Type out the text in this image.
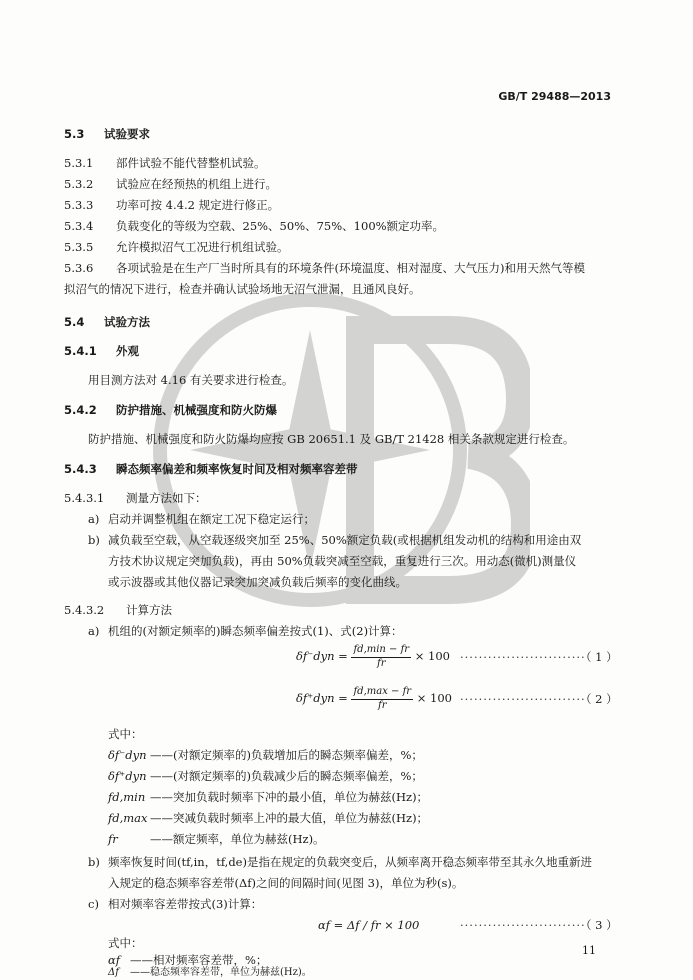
GB/T 29488—2013
5.3 试验要求
5.3.1 部件试验不能代替整机试验。
5.3.2 试验应在经预热的机组上进行。
5.3.3 功率可按 4.4.2 规定进行修正。
5.3.4 负载变化的等级为空载、25%、50%、75%、100%额定功率。
5.3.5 允许模拟沼气工况进行机组试验。
5.3.6 各项试验是在生产厂当时所具有的环境条件(环境温度、相对湿度、大气压力)和用天然气等模
拟沼气的情况下进行，检查并确认试验场地无沼气泄漏，且通风良好。
5.4 试验方法
5.4.1 外观
用目测方法对 4.16 有关要求进行检查。
5.4.2 防护措施、机械强度和防火防爆
防护措施、机械强度和防火防爆均应按 GB 20651.1 及 GB/T 21428 相关条款规定进行检查。
5.4.3 瞬态频率偏差和频率恢复时间及相对频率容差带
5.4.3.1 测量方法如下：
a) 启动并调整机组在额定工况下稳定运行；
b) 减负载至空载，从空载逐级突加至 25%、50%额定负载(或根据机组发动机的结构和用途由双
方技术协议规定突加负载)，再由 50%负载突减至空载，重复进行三次。用动态(微机)测量仪
或示波器或其他仪器记录突加突减负载后频率的变化曲线。
5.4.3.2 计算方法
a) 机组的(对额定频率的)瞬态频率偏差按式(1)、式(2)计算：
$\delta f^-dyn = \frac{fd,\min - fr}{fr} \times 100$ ···························
（ 1 ）
$\delta f^+dyn = \frac{fd,\max - fr}{fr} \times 100$ ···························
（ 2 ）
式中：
δf⁻dyn ——(对额定频率的)负载增加后的瞬态频率偏差，%；
δf⁺dyn ——(对额定频率的)负载减少后的瞬态频率偏差，%；
fd,min ——突加负载时频率下冲的最小值，单位为赫兹(Hz)；
fd,max ——突减负载时频率上冲的最大值，单位为赫兹(Hz)；
fr	——额定频率，单位为赫兹(Hz)。
b) 频率恢复时间(tf,in，tf,de)是指在规定的负载突变后，从频率离开稳态频率带至其永久地重新进
入规定的稳态频率容差带(Δf)之间的间隔时间(见图 3)，单位为秒(s)。
c) 相对频率容差带按式(3)计算：
αf = Δf / fr × 100	···························
（ 3 ）
式中：
αf ——相对频率容差带，%；
Δf ——稳态频率容差带，单位为赫兹(Hz)。
11
